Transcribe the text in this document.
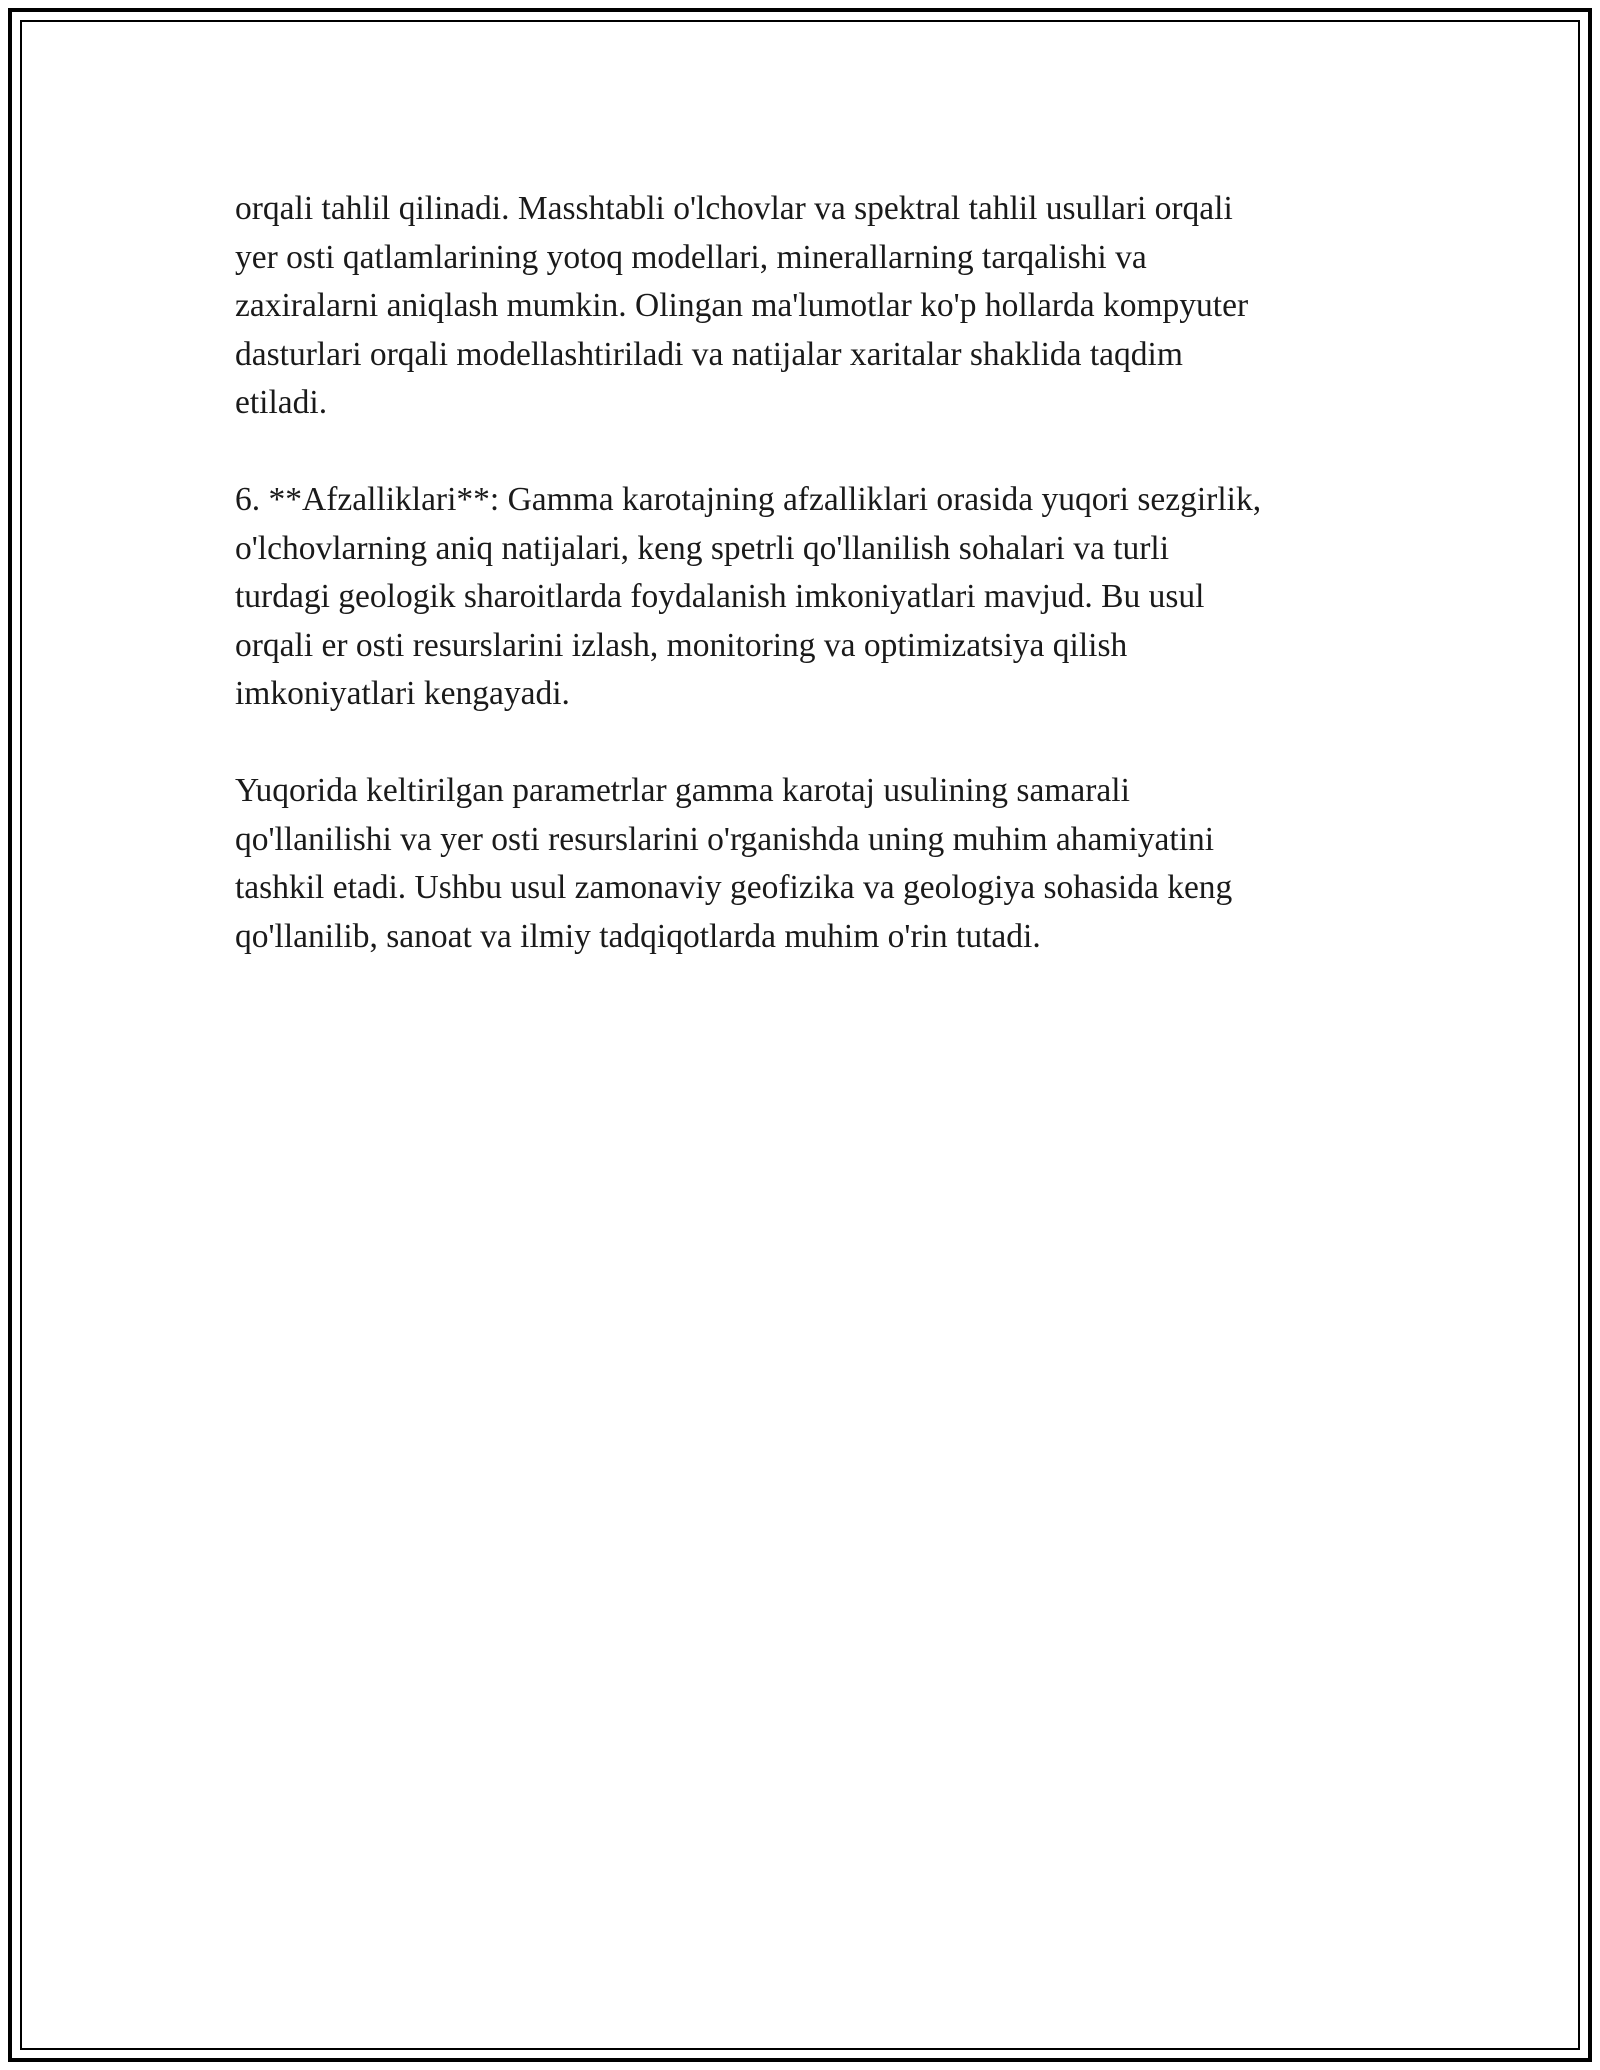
orqali tahlil qilinadi. Masshtabli o'lchovlar va spektral tahlil usullari orqali
yer osti qatlamlarining yotoq modellari, minerallarning tarqalishi va
zaxiralarni aniqlash mumkin. Olingan ma'lumotlar ko'p hollarda kompyuter
dasturlari orqali modellashtiriladi va natijalar xaritalar shaklida taqdim
etiladi.

6. **Afzalliklari**: Gamma karotajning afzalliklari orasida yuqori sezgirlik,
o'lchovlarning aniq natijalari, keng spetrli qo'llanilish sohalari va turli
turdagi geologik sharoitlarda foydalanish imkoniyatlari mavjud. Bu usul
orqali er osti resurslarini izlash, monitoring va optimizatsiya qilish
imkoniyatlari kengayadi.

Yuqorida keltirilgan parametrlar gamma karotaj usulining samarali
qo'llanilishi va yer osti resurslarini o'rganishda uning muhim ahamiyatini
tashkil etadi. Ushbu usul zamonaviy geofizika va geologiya sohasida keng
qo'llanilib, sanoat va ilmiy tadqiqotlarda muhim o'rin tutadi.
